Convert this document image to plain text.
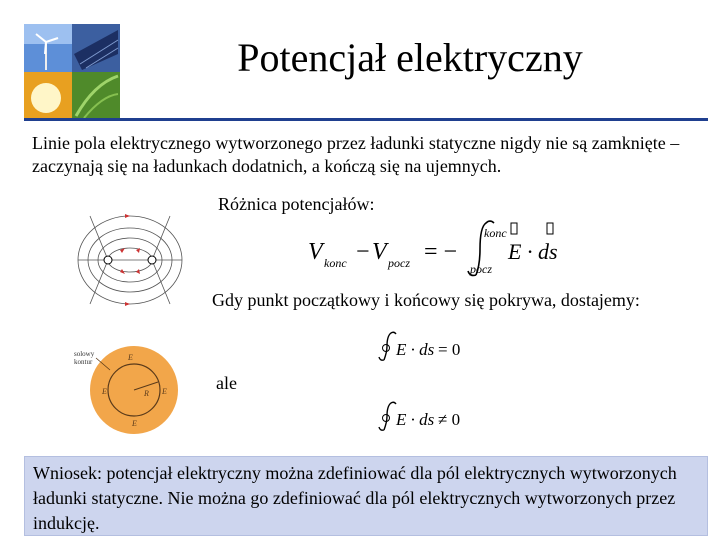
Potencjał elektryczny
Linie pola elektrycznego wytworzonego przez ładunki statyczne nigdy nie są zamknięte – zaczynają się na ładunkach dodatnich, a kończą się na ujemnych.
Różnica potencjałów:
V konc − V pocz = −
konc
pocz
E · ds
Gdy punkt początkowy i końcowy się pokrywa, dostajemy:
E · ds = 0
solowy
kontur
R
E
E	E
E
ale
E · ds ≠ 0
Wniosek: potencjał elektryczny można zdefiniować dla pól elektrycznych wytworzonych ładunki statyczne. Nie można go zdefiniować dla pól elektrycznych wytworzonych przez indukcję.
